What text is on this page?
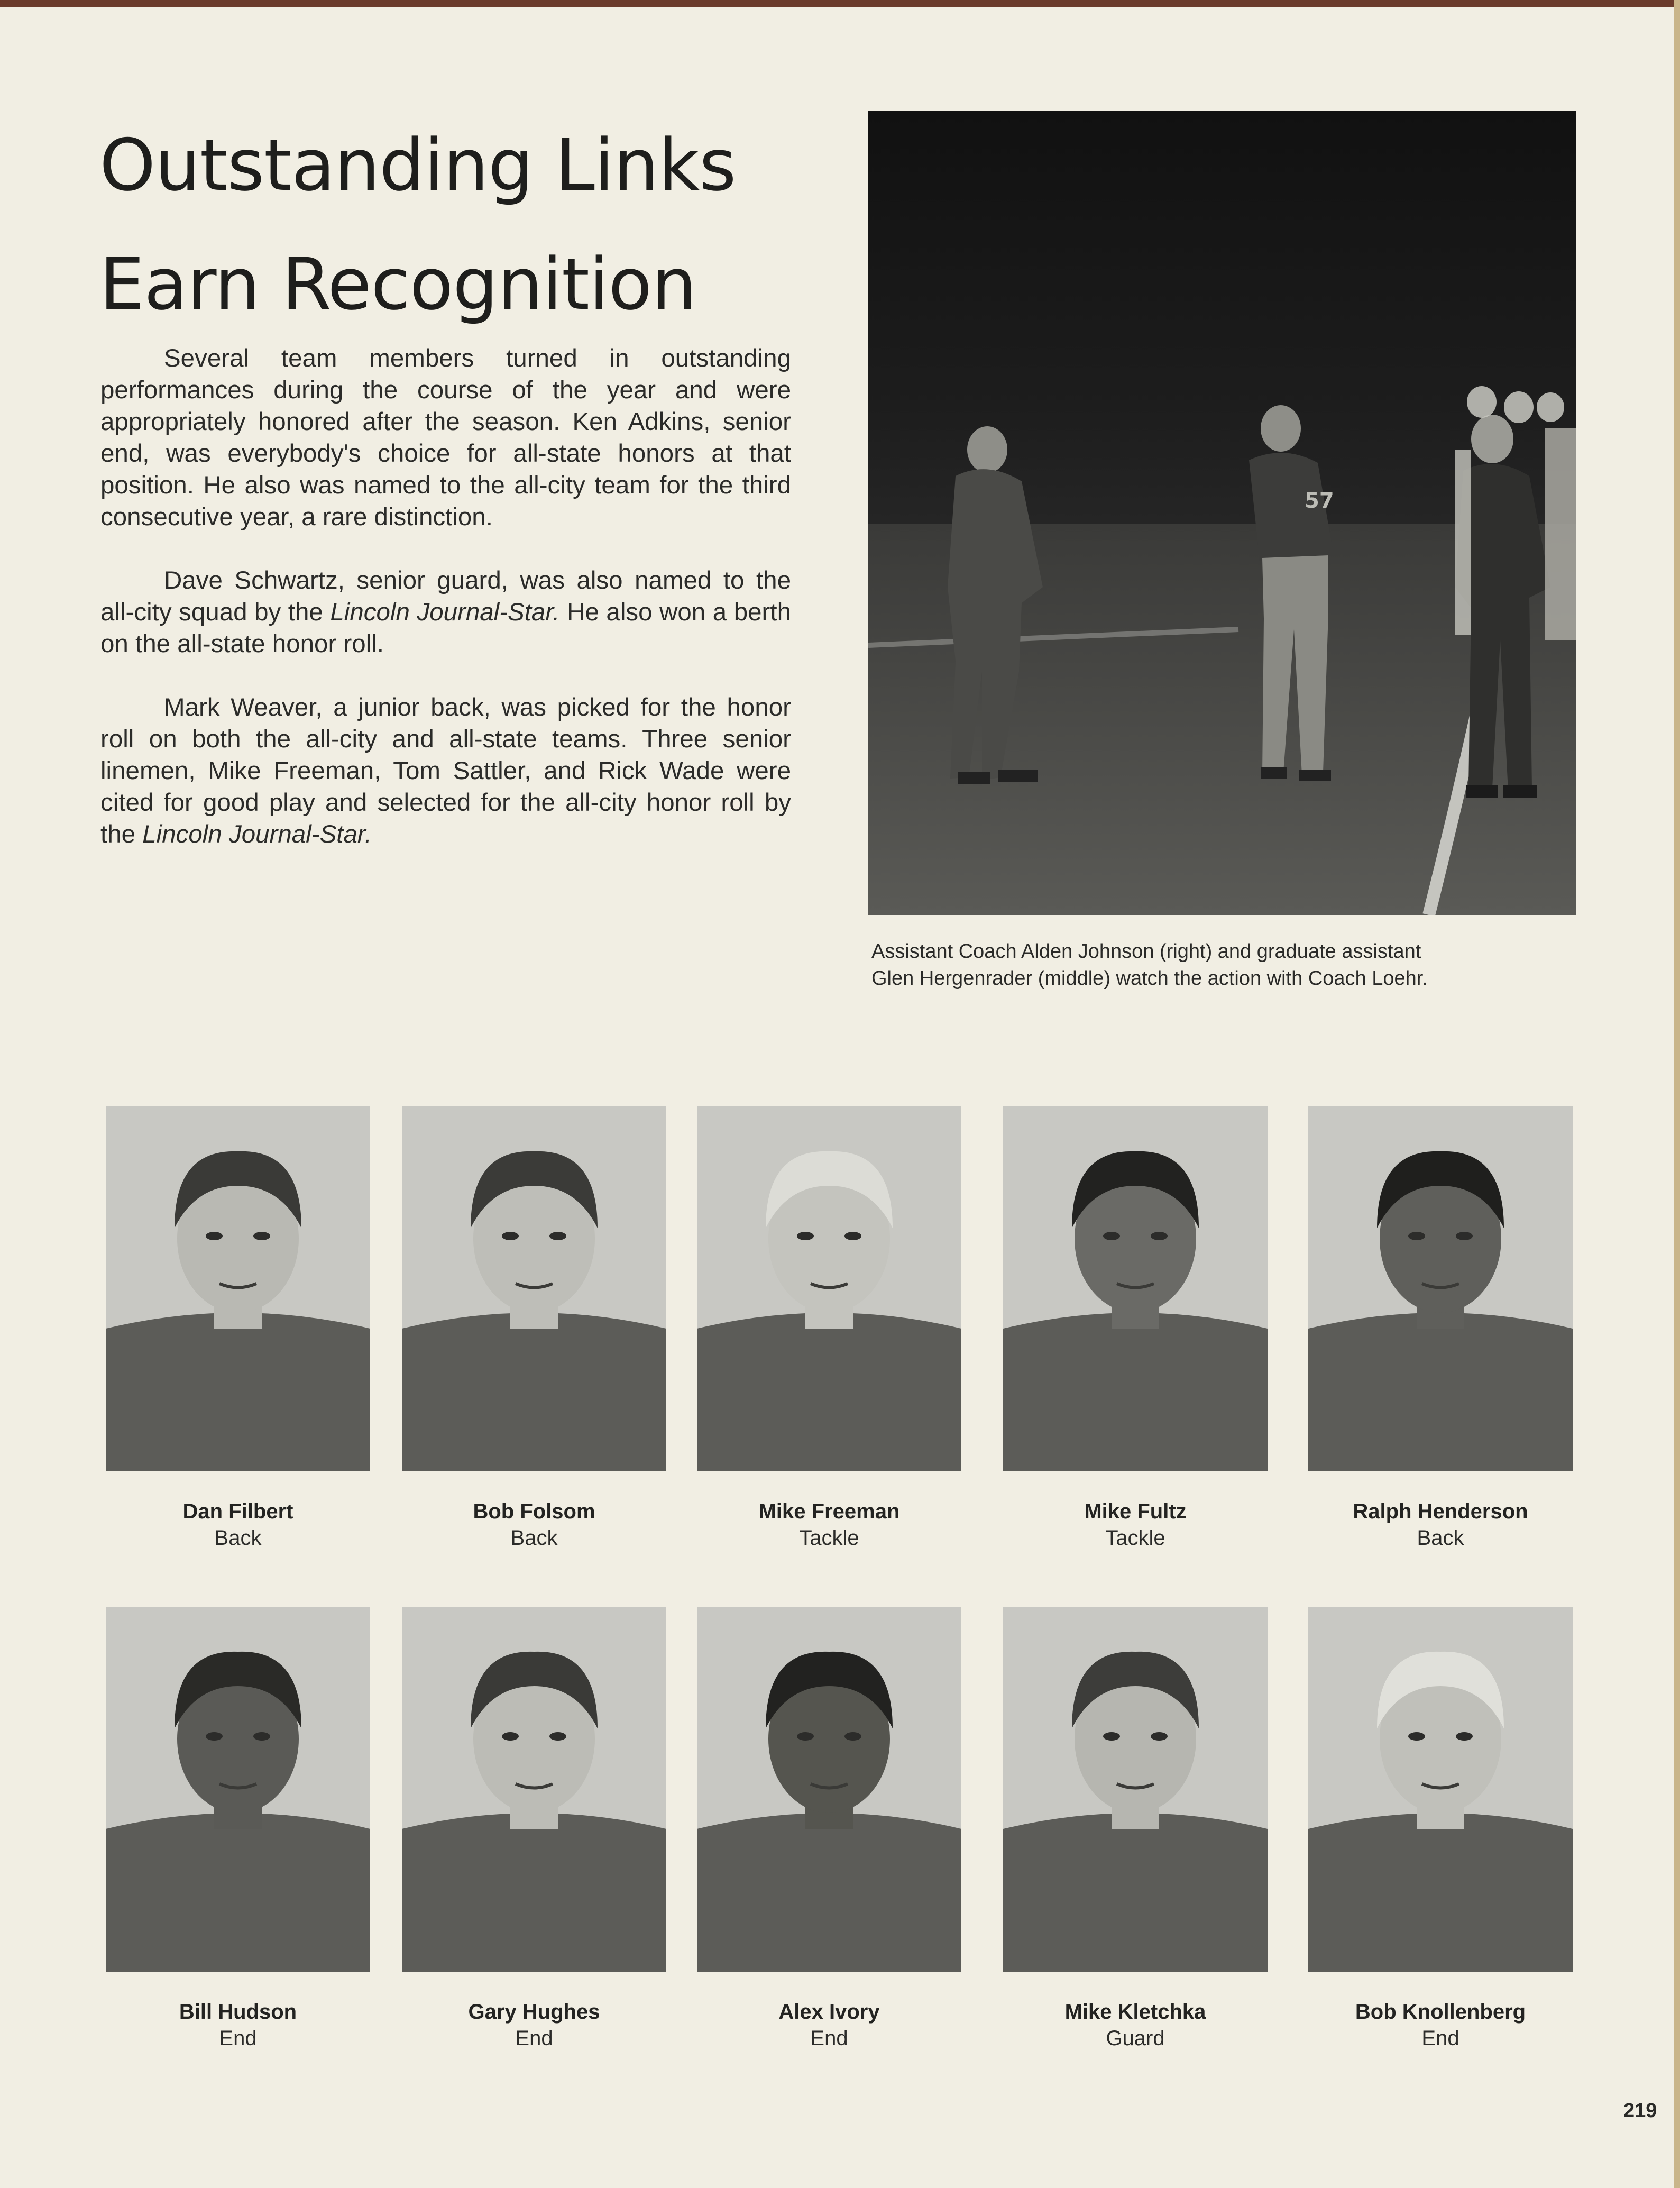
Outstanding Links
Earn Recognition

Several team members turned in outstanding performances during the course of the year and were appropriately honored after the season. Ken Adkins, senior end, was everybody's choice for all-state honors at that position. He also was named to the all-city team for the third consecutive year, a rare distinction.

Dave Schwartz, senior guard, was also named to the all-city squad by the Lincoln Journal-Star. He also won a berth on the all-state honor roll.

Mark Weaver, a junior back, was picked for the honor roll on both the all-city and all-state teams. Three senior linemen, Mike Freeman, Tom Sattler, and Rick Wade were cited for good play and selected for the all-city honor roll by the Lincoln Journal-Star.

57
Assistant Coach Alden Johnson (right) and graduate assistant
Glen Hergenrader (middle) watch the action with Coach Loehr.
Dan Filbert
Back
Bob Folsom
Back
Mike Freeman
Tackle
Mike Fultz
Tackle
Ralph Henderson
Back
Bill Hudson
End
Gary Hughes
End
Alex Ivory
End
Mike Kletchka
Guard
Bob Knollenberg
End
219
